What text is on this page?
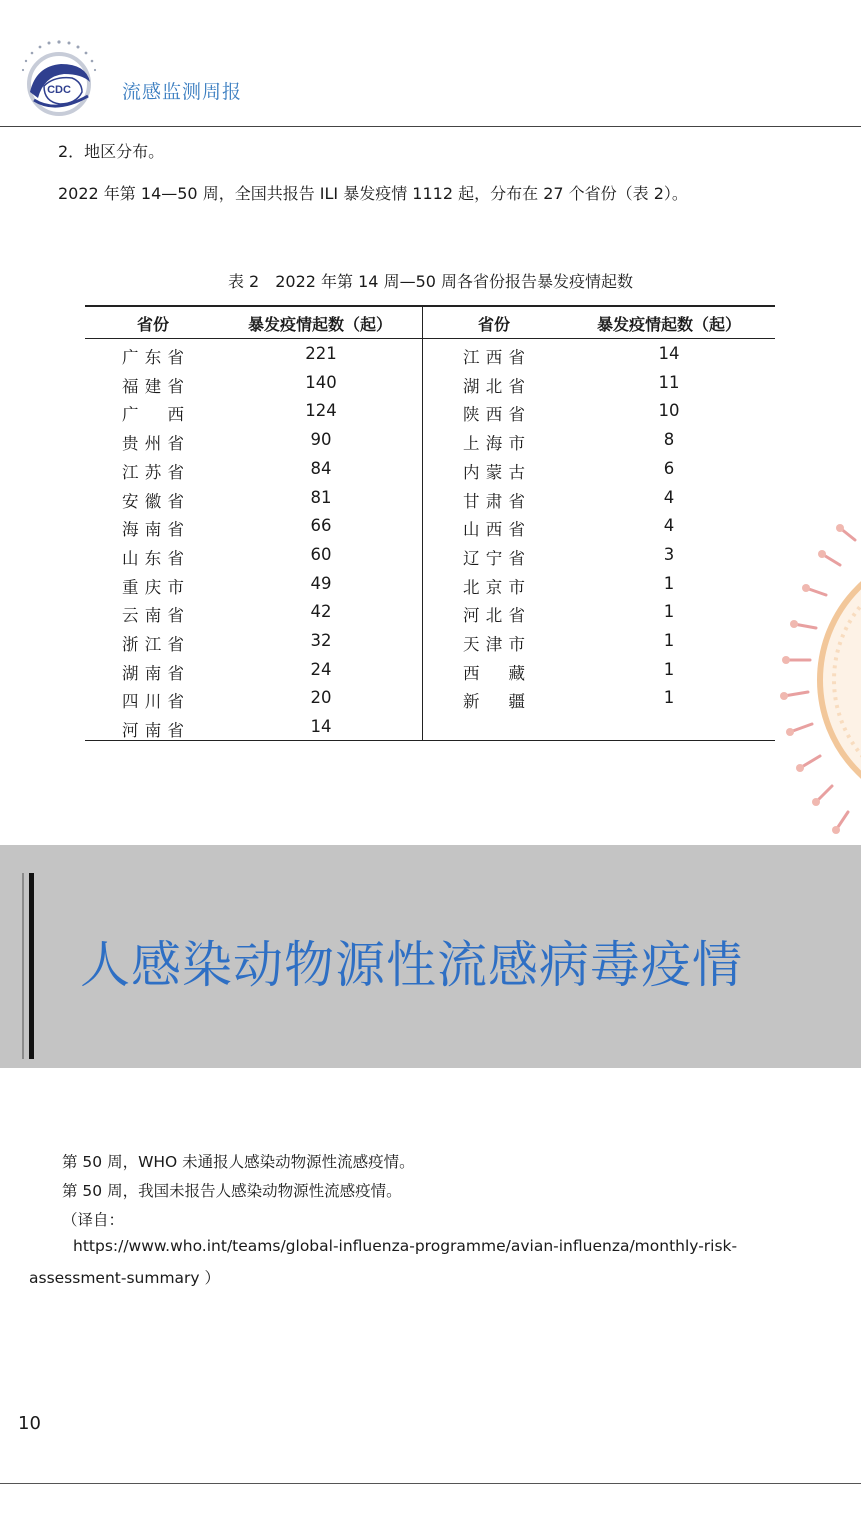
CDC	流感监测周报
2．地区分布。
2022 年第 14—50 周，全国共报告 ILI 暴发疫情 1112 起，分布在 27 个省份（表 2）。
表 2　2022 年第 14 周—50 周各省份报告暴发疫情起数
省份	暴发疫情起数（起）	省份	暴发疫情起数（起）
广东省	221	江西省	14
福建省	140	湖北省	11
广西	124	陕西省	10
贵州省	90	上海市	8
江苏省	84	内蒙古	6
安徽省	81	甘肃省	4
海南省	66	山西省	4
山东省	60	辽宁省	3
重庆市	49	北京市	1
云南省	42	河北省	1
浙江省	32	天津市	1
湖南省	24	西藏	1
四川省	20	新疆	1
河南省	14
人感染动物源性流感病毒疫情
第 50 周，WHO 未通报人感染动物源性流感疫情。
第 50 周，我国未报告人感染动物源性流感疫情。
（译自：
https://www.who.int/teams/global-influenza-programme/avian-influenza/monthly-risk-
assessment-summary ）
10
